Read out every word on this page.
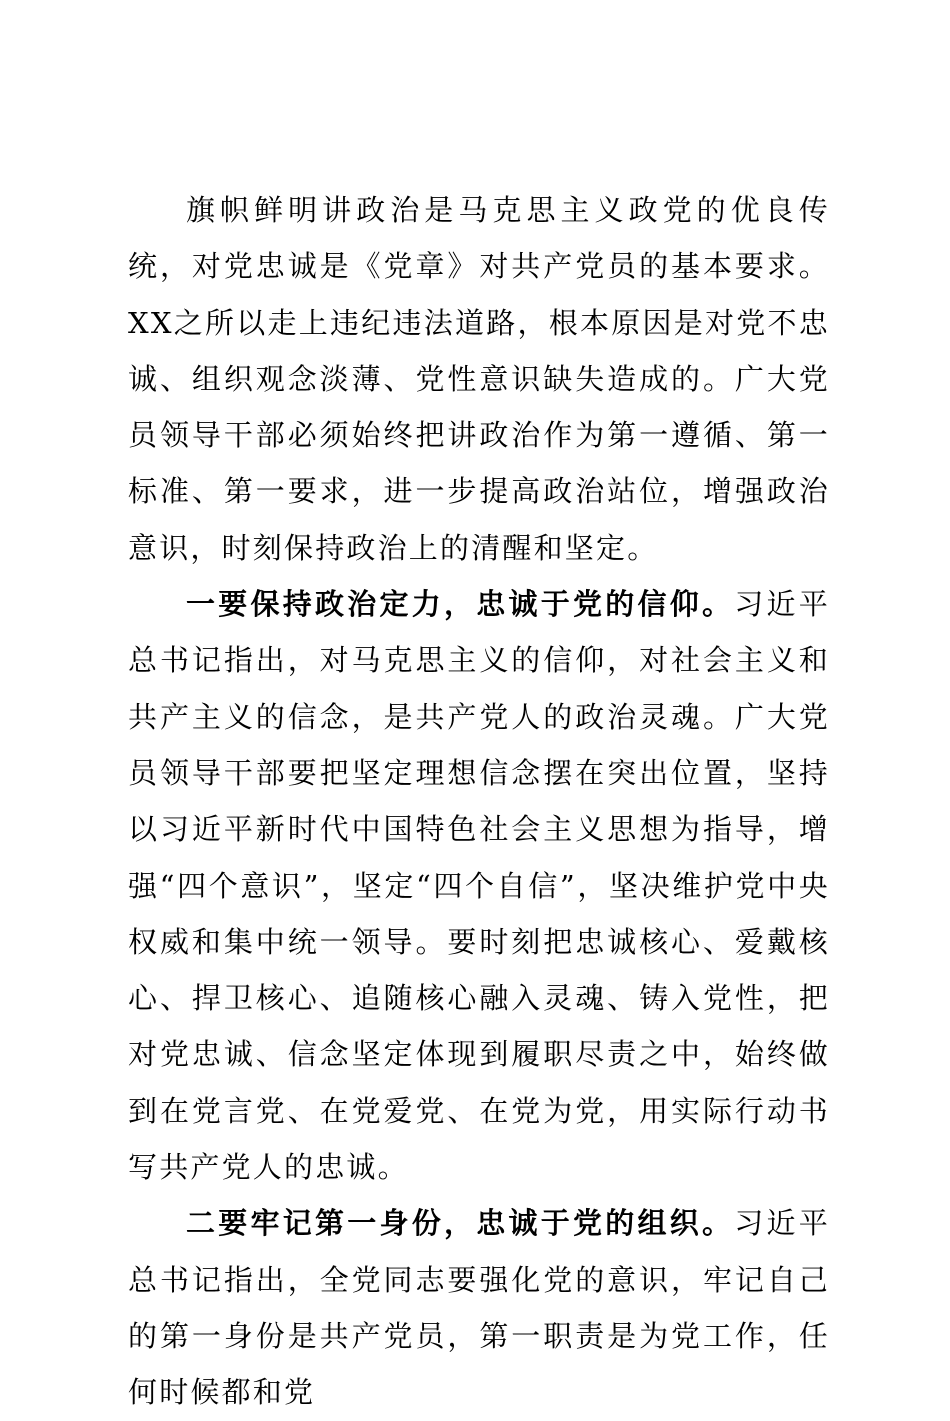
旗帜鲜明讲政治是马克思主义政党的优良传统，对党忠诚是《党章》对共产党员的基本要求。XX之所以走上违纪违法道路，根本原因是对党不忠诚、组织观念淡薄、党性意识缺失造成的。广大党员领导干部必须始终把讲政治作为第一遵循、第一标准、第一要求，进一步提高政治站位，增强政治意识，时刻保持政治上的清醒和坚定。

一要保持政治定力，忠诚于党的信仰。习近平总书记指出，对马克思主义的信仰，对社会主义和共产主义的信念，是共产党人的政治灵魂。广大党员领导干部要把坚定理想信念摆在突出位置，坚持以习近平新时代中国特色社会主义思想为指导，增强“四个意识”，坚定“四个自信”，坚决维护党中央权威和集中统一领导。要时刻把忠诚核心、爱戴核心、捍卫核心、追随核心融入灵魂、铸入党性，把对党忠诚、信念坚定体现到履职尽责之中，始终做到在党言党、在党爱党、在党为党，用实际行动书写共产党人的忠诚。

二要牢记第一身份，忠诚于党的组织。习近平总书记指出，全党同志要强化党的意识，牢记自己的第一身份是共产党员，第一职责是为党工作，任何时候都和党
